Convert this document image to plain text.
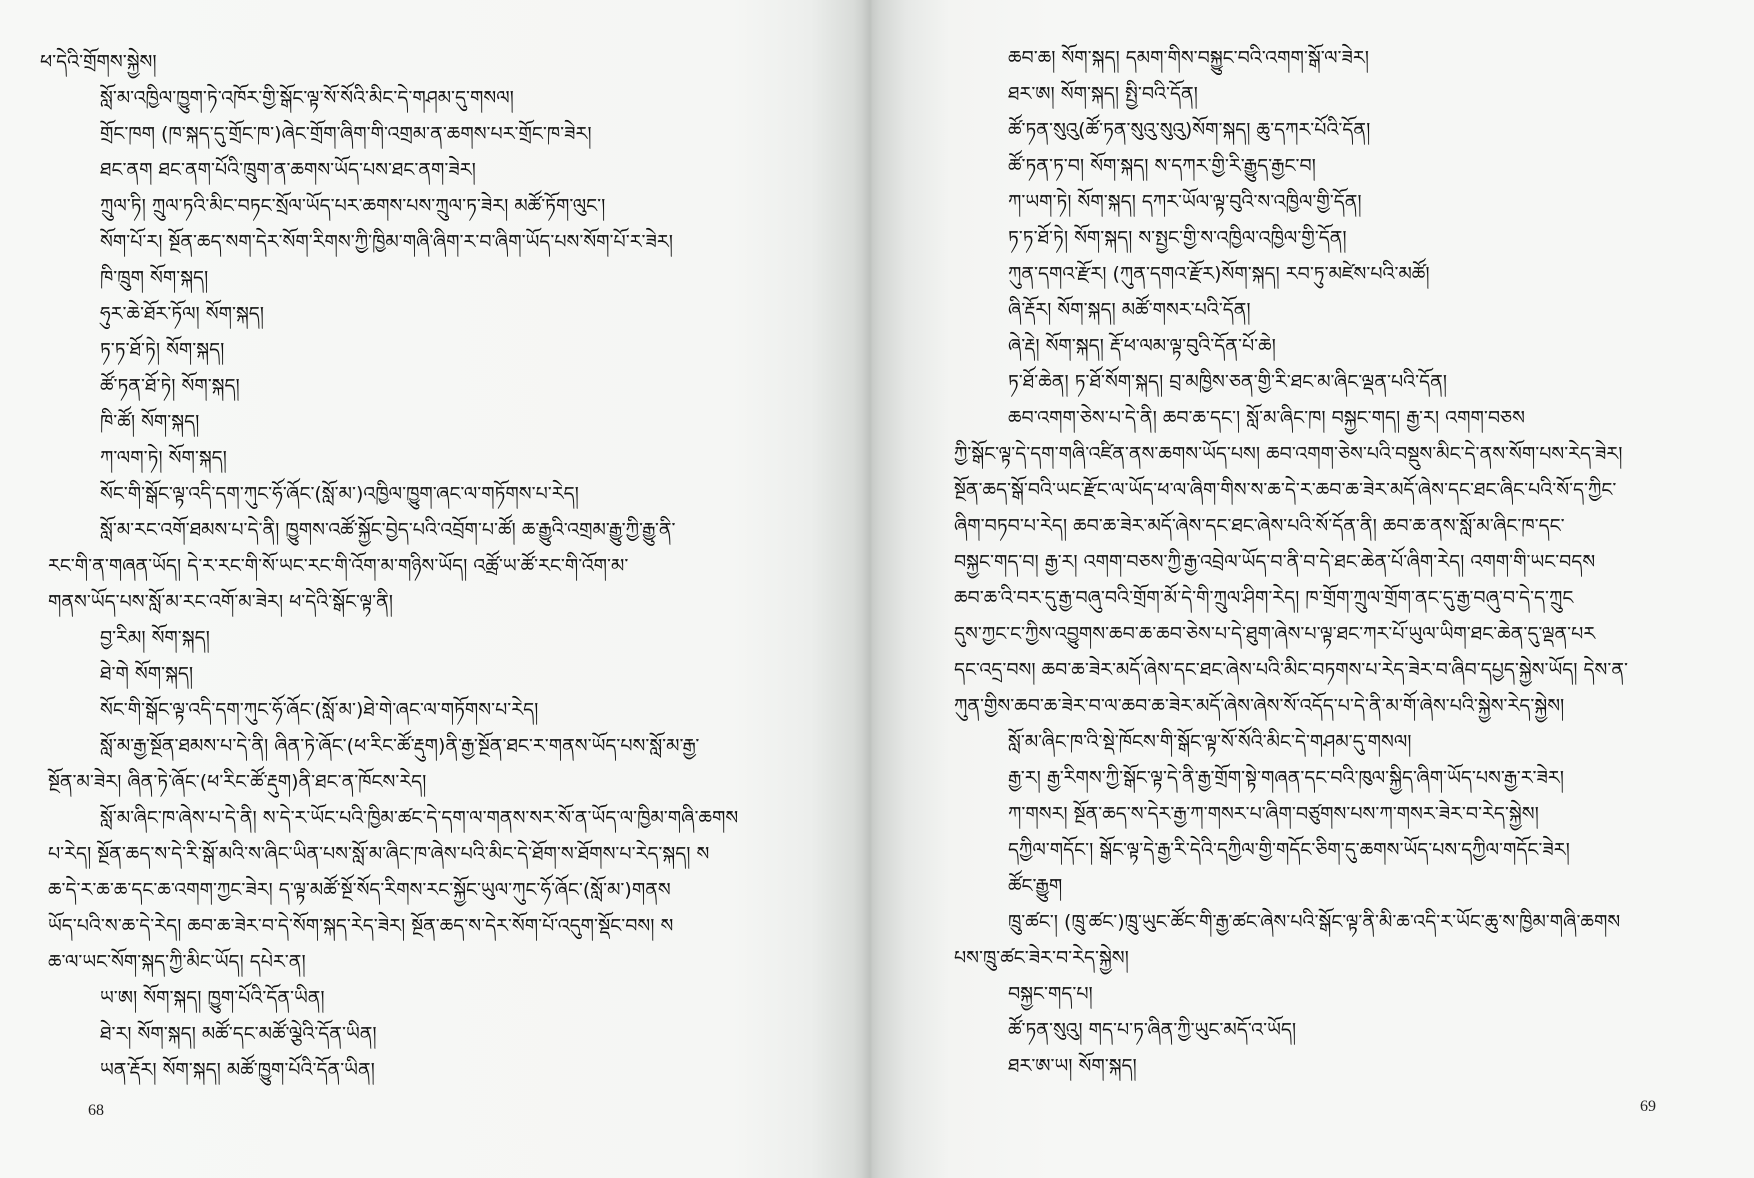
ཕ་དེའི་གྲོགས་སྐྱེས།
སློ་མ་འཁྱིལ་ཁྱུག་ཏེ་འཁོར་གྱི་སྒོང་ལྟ་སོ་སོའི་མིང་དེ་གཤམ་དུ་གསལ།
གྲོང་ཁག (ཁ་སྐད་དུ་གྲོང་ཁ་)ཞེང་གྲོག་ཞིག་གི་འགྲམ་ན་ཆགས་པར་གྲོང་ཁ་ཟེར།
ཐང་ནག ཐང་ནག་པོའི་ཁྲུག་ན་ཆགས་ཡོད་པས་ཐང་ནག་ཟེར།
ཀྲུལ་ཏི། ཀྲུལ་ཏའི་མིང་བཏང་སྲོལ་ཡོད་པར་ཆགས་པས་ཀྲུལ་ཏ་ཟེར། མཚོ་ཏོག་ལུང་།
སོག་པོ་ར། སྔོན་ཆད་སག་དེར་སོག་རིགས་ཀྱི་ཁྱིམ་གཞི་ཞིག་ར་བ་ཞིག་ཡོད་པས་སོག་པོ་ར་ཟེར།
ཁི་ཁྲུག སོག་སྐད།
ཧུར་ཆེ་ཐོར་ཏོལ། སོག་སྐད།
ཏ་ཏ་ཐོ་ཏེ། སོག་སྐད།
ཚོ་ཏན་ཐོ་ཏེ། སོག་སྐད།
ཁི་ཚོ། སོག་སྐད།
ཀ་ལག་ཏེ། སོག་སྐད།
སོང་གི་སྒོང་ལྟ་འདི་དག་ཀུང་ཧོ་ཞོང་(སློ་མ་)འཁྱིལ་ཁྱུག་ཞང་ལ་གཏོགས་པ་རེད།
སློ་མ་རང་འགོ་ཐམས་པ་དེ་ནི། ཁྱུགས་འཚོ་སྐྱོང་བྱེད་པའི་འབྲོག་པ་ཚོ། ཆ་རྒྱུའི་འགྲམ་རྒྱུ་ཀྱི་རྒྱུ་ནི་
རང་གི་ན་གཞན་ཡོད། དེ་ར་རང་གི་སོ་ཡང་རང་གི་འོག་མ་གཉིས་ཡོད། འཚྲོ་ཡ་ཚོ་རང་གི་འོག་མ་
གནས་ཡོད་པས་སློ་མ་རང་འགོ་མ་ཟེར། ཕ་དེའི་སྒོང་ལྟ་ནི།
བྱ་རིམ། སོག་སྐད།
ཐེ་གེ སོག་སྐད།
སོང་གི་སྒོང་ལྟ་འདི་དག་ཀུང་ཧོ་ཞོང་(སློ་མ་)ཐེ་གེ་ཞང་ལ་གཏོགས་པ་རེད།
སློ་མ་རྒྱ་སྔོན་ཐམས་པ་དེ་ནི། ཞིན་ཏེ་ཞོང་(ཕ་རིང་ཚོ་རྡུག)ནི་རྒྱ་སྔོན་ཐང་ར་གནས་ཡོད་པས་སློ་མ་རྒྱ་
སྔོན་མ་ཟེར། ཞིན་ཏེ་ཞོང་(ཕ་རིང་ཚོ་རྡུག)ནི་ཐང་ན་ཁོངས་རེད།
སློ་མ་ཞིང་ཁ་ཞེས་པ་དེ་ནི། ས་དེ་ར་ཡོང་པའི་ཁྱིམ་ཚང་དེ་དག་ལ་གནས་སར་སོ་ན་ཡོད་ལ་ཁྱིམ་གཞི་ཆགས
པ་རེད། སྔོན་ཆད་ས་དེ་རི་སྒོ་མའི་ས་ཞིང་ཡིན་པས་སློ་མ་ཞིང་ཁ་ཞེས་པའི་མིང་དེ་ཐོག་ས་ཐོགས་པ་རེད་སྐད། ས
ཆ་དེ་ར་ཆ་ཆ་དང་ཆ་འགག་ཀྱང་ཟེར། ད་ལྟ་མཚོ་སྔོ་སོད་རིགས་རང་སྐྱོང་ཡུལ་ཀུང་ཧོ་ཞོང་(སློ་མ་)གནས
ཡོད་པའི་ས་ཆ་དེ་རེད། ཆབ་ཆ་ཟེར་བ་དེ་སོག་སྐད་རེད་ཟེར། སྔོན་ཆད་ས་དེར་སོག་པོ་འདུག་སྡོང་བས། ས
ཆ་ལ་ཡང་སོག་སྐད་ཀྱི་མིང་ཡོད། དཔེར་ན།
ཡ་ཨ། སོག་སྐད། ཁྱུག་པོའི་དོན་ཡིན།
ཐེ་ར། སོག་སྐད། མཚོ་དང་མཚོ་ལྕེའི་དོན་ཡིན།
ཡན་རྡོར། སོག་སྐད། མཚོ་ཁྱུག་པོའི་དོན་ཡིན།
68
ཆབ་ཆ། སོག་སྐད། དམག་གིས་བསྐྱུང་བའི་འགག་སྒོ་ལ་ཟེར།
ཐར་ཨ། སོག་སྐད། སྤྱི་བའི་དོན།
ཚོ་ཏན་སུའུ(ཚོ་ཏན་སུའུ་སུའུ)སོག་སྐད། ཆུ་དཀར་པོའི་དོན།
ཚོ་ཏན་ཏ་བ། སོག་སྐད། ས་དཀར་གྱི་རི་རྒྱུད་རྒྱང་བ།
ཀ་ཡག་ཏེ། སོག་སྐད། དཀར་ཡོལ་ལྟ་བུའི་ས་འཁྱིལ་གྱི་དོན།
ཏ་ཏ་ཐོ་ཏེ། སོག་སྐད། ས་སྤྱང་གྱི་ས་འཁྱིལ་འཁྱིལ་གྱི་དོན།
ཀུན་དགའ་རྫོར། (ཀུན་དགའ་རྫོར)སོག་སྐད། རབ་ཏུ་མཛེས་པའི་མཚོ།
ཞི་རྡོར། སོག་སྐད། མཚོ་གསར་པའི་དོན།
ཞེ་རྡེ། སོག་སྐད། རྡོ་ཕ་ལམ་ལྟ་བུའི་དོན་པོ་ཆེ།
ཏ་ཐོ་ཆེན། ཏ་ཐོ་སོག་སྐད། བྲ་མཁྱིས་ཅན་གྱི་རི་ཐང་མ་ཞིང་ལྡན་པའི་དོན།
ཆབ་འགག་ཅེས་པ་དེ་ནི། ཆབ་ཆ་དང་། སློ་མ་ཞིང་ཁ། བསྐྱང་གད། རྒྱ་ར། འགག་བཅས
ཀྱི་སྒོང་ལྟ་དེ་དག་གཞི་འཛིན་ནས་ཆགས་ཡོད་པས། ཆབ་འགག་ཅེས་པའི་བསྡུས་མིང་དེ་ནས་སོག་པས་རེད་ཟེར།
སྔོན་ཆད་སྒོ་བའི་ཡང་རྫོང་ལ་ཡོད་ཕ་ལ་ཞིག་གིས་ས་ཆ་དེ་ར་ཆབ་ཆ་ཟེར་མདོ་ཞེས་དང་ཐང་ཞིང་པའི་སོ་ད་ཀྱིང་
ཞིག་བཏབ་པ་རེད། ཆབ་ཆ་ཟེར་མདོ་ཞེས་དང་ཐང་ཞེས་པའི་སོ་དོན་ནི། ཆབ་ཆ་ནས་སློ་མ་ཞིང་ཁ་དང་
བསྐྱང་གད་བ། རྒྱ་ར། འགག་བཅས་ཀྱི་རྒྱ་འབྲེལ་ཡོད་བ་ནི་བ་དེ་ཐང་ཆེན་པོ་ཞིག་རེད། འགག་གི་ཡང་བདས
ཆབ་ཆ་འི་བར་དུ་རྒྱ་བཞུ་བའི་གྲོག་མོ་དེ་གི་ཀྲུལ་ཤིག་རེད། ཁ་གྲོག་ཀྲུལ་གྲོག་ནང་དུ་རྒྱ་བཞུ་བ་དེ་ད་ཀྲུང
དུས་ཀྱང་ང་ཀྱིས་འབྱུགས་ཆབ་ཆ་ཆབ་ཅེས་པ་དེ་ཐུག་ཞེས་པ་ལྟ་ཐང་ཀར་པོ་ཡུལ་ཡིག་ཐང་ཆེན་དུ་ལྡན་པར
དང་འདྲ་བས། ཆབ་ཆ་ཟེར་མདོ་ཞེས་དང་ཐང་ཞེས་པའི་མིང་བཏགས་པ་རེད་ཟེར་བ་ཞིབ་དཔྱད་སྐྱེས་ཡོད། དེས་ན་
ཀུན་གྱིས་ཆབ་ཆ་ཟེར་བ་ལ་ཆབ་ཆ་ཟེར་མདོ་ཞེས་ཞེས་སོ་འདོད་པ་དེ་ནི་མ་གོ་ཞེས་པའི་སྐྱེས་རེད་སྐྱེས།
སློ་མ་ཞིང་ཁ་འི་སྡེ་ཁོངས་གི་སྒོང་ལྟ་སོ་སོའི་མིང་དེ་གཤམ་དུ་གསལ།
རྒྱ་ར། རྒྱ་རིགས་ཀྱི་སྒོང་ལྟ་དེ་ནི་རྒྱ་གྲོག་སྟེ་གཞན་དང་བའི་ཁུལ་སྐྱིད་ཞིག་ཡོད་པས་རྒྱ་ར་ཟེར།
ཀ་གསར། སྔོན་ཆད་ས་དེར་རྒྱ་ཀ་གསར་པ་ཞིག་བཙུགས་པས་ཀ་གསར་ཟེར་བ་རེད་སྐྱེས།
དཀྱིལ་གདོང་། སྒོང་ལྟ་དེ་རྒྱ་རི་དེའི་དཀྱིལ་གྱི་གདོང་ཅིག་དུ་ཆགས་ཡོད་པས་དཀྱིལ་གདོང་ཟེར།
ཚོང་རྒྱུག
ཁྲུ་ཚང་། (ཁྲུ་ཚང་)ཁྲུ་ཡུང་ཚོང་གི་རྒྱ་ཚང་ཞེས་པའི་སྒོང་ལྟ་ནི་མི་ཆ་འདི་ར་ཡོང་ཆུ་ས་ཁྱིམ་གཞི་ཆགས
པས་ཁྲུ་ཚང་ཟེར་བ་རེད་སྐྱེས།
བསྐྱང་གད་པ།
ཚོ་ཏན་སུའུ། གད་པ་ཏ་ཞིན་ཀྱི་ཡུང་མདོ་འ་ཡོད།
ཐར་ཨ་ཡ། སོག་སྐད།
69
